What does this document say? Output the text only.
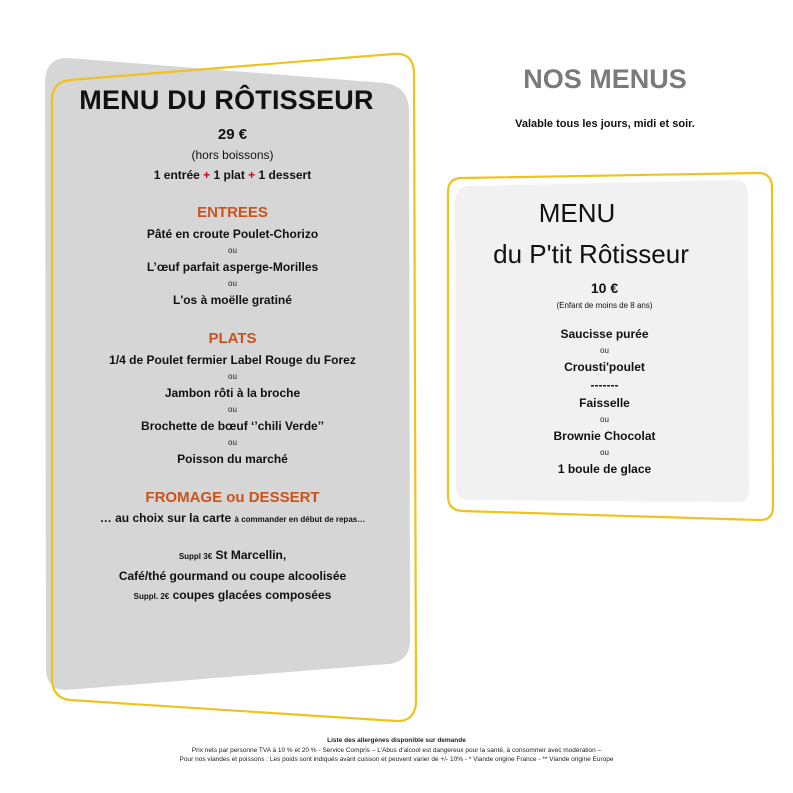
MENU DU RÔTISSEUR
29 €
(hors boissons)
1 entrée + 1 plat + 1 dessert
ENTREES
Pâté en croute Poulet-Chorizo
ou
L’œuf parfait asperge-Morilles
ou
L'os à moëlle gratiné
PLATS
1/4 de Poulet fermier Label Rouge du Forez
ou
Jambon rôti à la broche
ou
Brochette de bœuf ‘’chili Verde’’
ou
Poisson du marché
FROMAGE ou DESSERT
… au choix sur la carte à commander en début de repas…
Suppl 3€ St Marcellin,
Café/thé gourmand ou coupe alcoolisée
Suppl. 2€ coupes glacées composées
NOS MENUS
Valable tous les jours, midi et soir.
MENU
du P'tit Rôtisseur
10 €
(Enfant de moins de 8 ans)
Saucisse purée
ou
Crousti'poulet
-------
Faisselle
ou
Brownie Chocolat
ou
1 boule de glace
Liste des allergènes disponible sur demande
Prix nets par personne TVA à 10 % et 20 % - Service Compris – L'Abus d'alcool est dangereux pour la santé, à consommer avec modération –
Pour nos viandes et poissons : Les poids sont indiqués avant cuisson et peuvent varier de +/- 10% - * Viande origine France - ** Viande origine Europe
